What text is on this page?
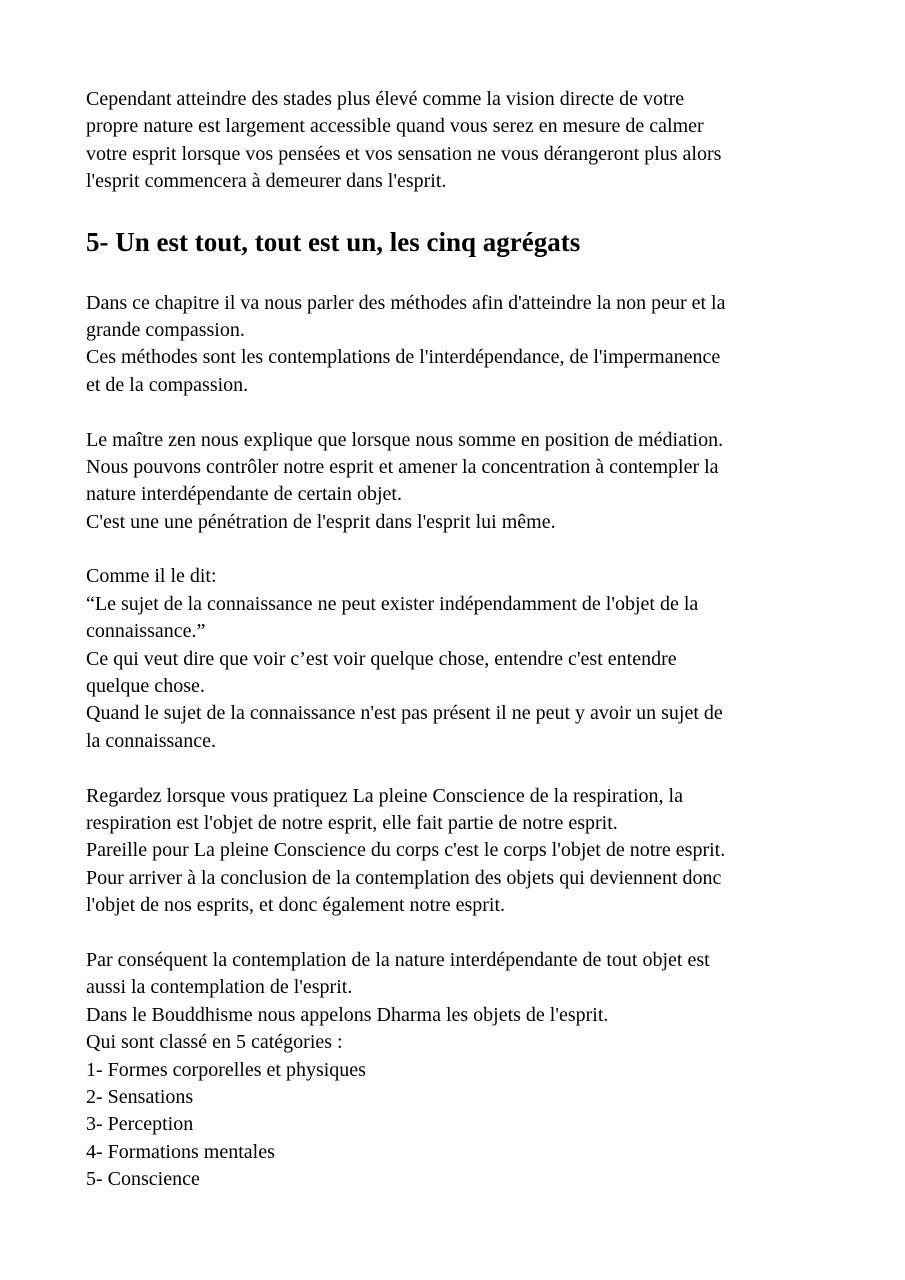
Cependant atteindre des stades plus élevé comme la vision directe de votre
propre nature est largement accessible quand vous serez en mesure de calmer
votre esprit lorsque vos pensées et vos sensation ne vous dérangeront plus alors
l'esprit commencera à demeurer dans l'esprit.
5- Un est tout, tout est un, les cinq agrégats
Dans ce chapitre il va nous parler des méthodes afin d'atteindre la non peur et la
grande compassion.
Ces méthodes sont les contemplations de l'interdépendance, de l'impermanence
et de la compassion.
Le maître zen nous explique que lorsque nous somme en position de médiation.
Nous pouvons contrôler notre esprit et amener la concentration à contempler la
nature interdépendante de certain objet.
C'est une une pénétration de l'esprit dans l'esprit lui même.
Comme il le dit:
“Le sujet de la connaissance ne peut exister indépendamment de l'objet de la
connaissance.”
Ce qui veut dire que voir c’est voir quelque chose, entendre c'est entendre
quelque chose.
Quand le sujet de la connaissance n'est pas présent il ne peut y avoir un sujet de
la connaissance.
Regardez lorsque vous pratiquez La pleine Conscience de la respiration, la
respiration est l'objet de notre esprit, elle fait partie de notre esprit.
Pareille pour La pleine Conscience du corps c'est le corps l'objet de notre esprit.
Pour arriver à la conclusion de la contemplation des objets qui deviennent donc
l'objet de nos esprits, et donc également notre esprit.
Par conséquent la contemplation de la nature interdépendante de tout objet est
aussi la contemplation de l'esprit.
Dans le Bouddhisme nous appelons Dharma les objets de l'esprit.
Qui sont classé en 5 catégories :
1- Formes corporelles et physiques
2- Sensations
3- Perception
4- Formations mentales
5- Conscience
